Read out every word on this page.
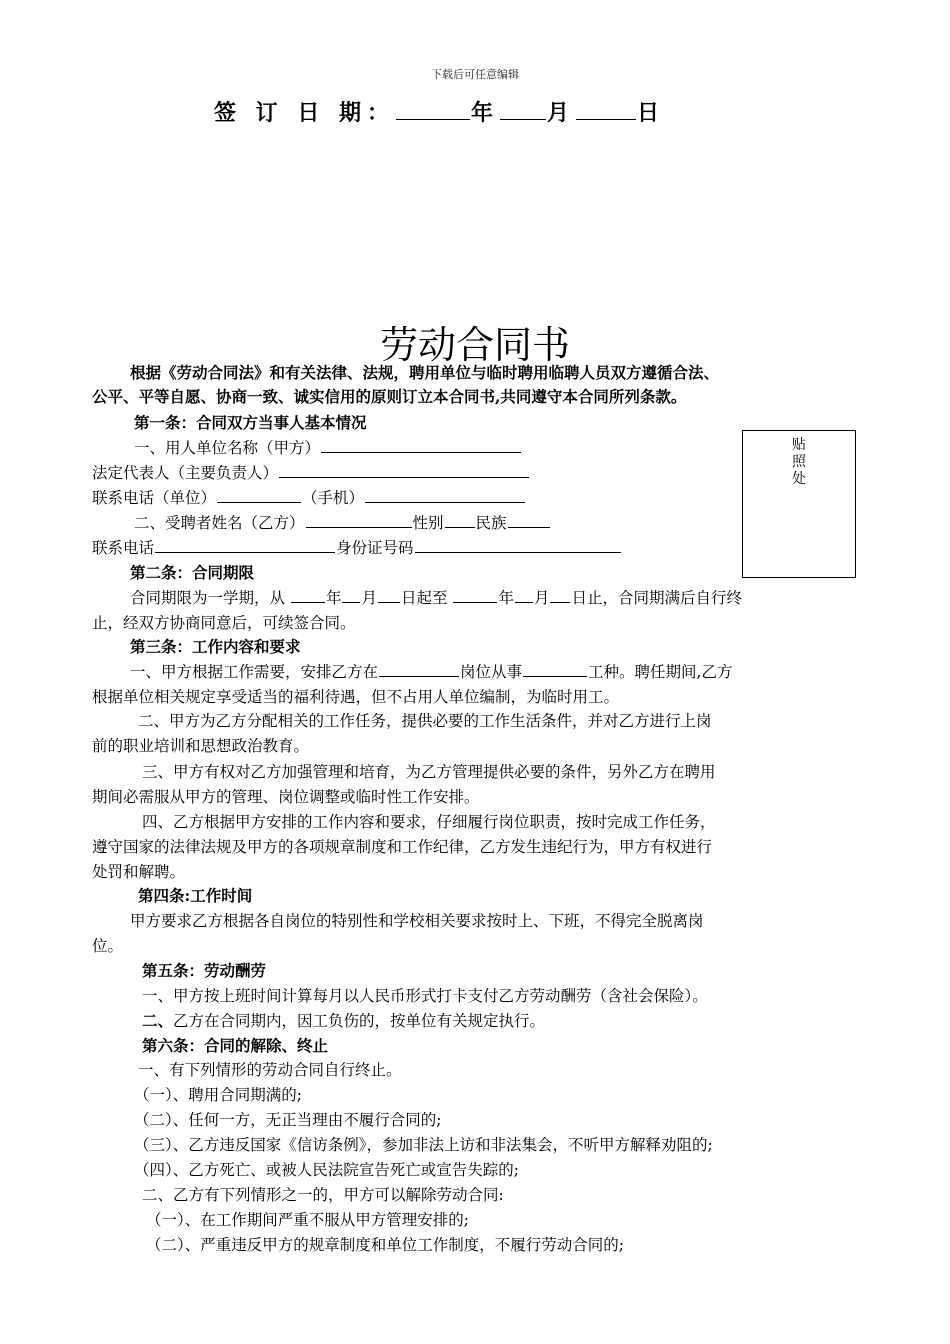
下载后可任意编辑
签 订 日 期：	年 月	日
劳动合同书
根据《劳动合同法》和有关法律、法规，聘用单位与临时聘用临聘人员双方遵循合法、
公平、平等自愿、协商一致、诚实信用的原则订立本合同书,共同遵守本合同所列条款。
贴
照
处
第一条：合同双方当事人基本情况
一、用人单位名称（甲方）
法定代表人（主要负责人）
联系电话（单位）	（手机）
二、受聘者姓名（乙方）	性别 民族
联系电话	身份证号码
第二条：合同期限
合同期限为一学期，从	年 月 日起至	年 月 日止，合同期满后自行终
止，经双方协商同意后，可续签合同。
第三条：工作内容和要求
一、甲方根据工作需要，安排乙方在	岗位从事	工种。聘任期间,乙方
根据单位相关规定享受适当的福利待遇，但不占用人单位编制，为临时用工。
二、甲方为乙方分配相关的工作任务，提供必要的工作生活条件，并对乙方进行上岗
前的职业培训和思想政治教育。
三、甲方有权对乙方加强管理和培育，为乙方管理提供必要的条件，另外乙方在聘用
期间必需服从甲方的管理、岗位调整或临时性工作安排。
四、乙方根据甲方安排的工作内容和要求，仔细履行岗位职责，按时完成工作任务，
遵守国家的法律法规及甲方的各项规章制度和工作纪律，乙方发生违纪行为，甲方有权进行
处罚和解聘。
第四条:工作时间
甲方要求乙方根据各自岗位的特别性和学校相关要求按时上、下班，不得完全脱离岗
位。
第五条：劳动酬劳
一、甲方按上班时间计算每月以人民币形式打卡支付乙方劳动酬劳（含社会保险）。
二、乙方在合同期内，因工负伤的，按单位有关规定执行。
第六条：合同的解除、终止
一、有下列情形的劳动合同自行终止。
（一）、聘用合同期满的;
（二）、任何一方，无正当理由不履行合同的;
（三）、乙方违反国家《信访条例》，参加非法上访和非法集会，不听甲方解释劝阻的;
（四）、乙方死亡、或被人民法院宣告死亡或宣告失踪的;
二、乙方有下列情形之一的，甲方可以解除劳动合同:
（一）、在工作期间严重不服从甲方管理安排的;
（二）、严重违反甲方的规章制度和单位工作制度，不履行劳动合同的;
